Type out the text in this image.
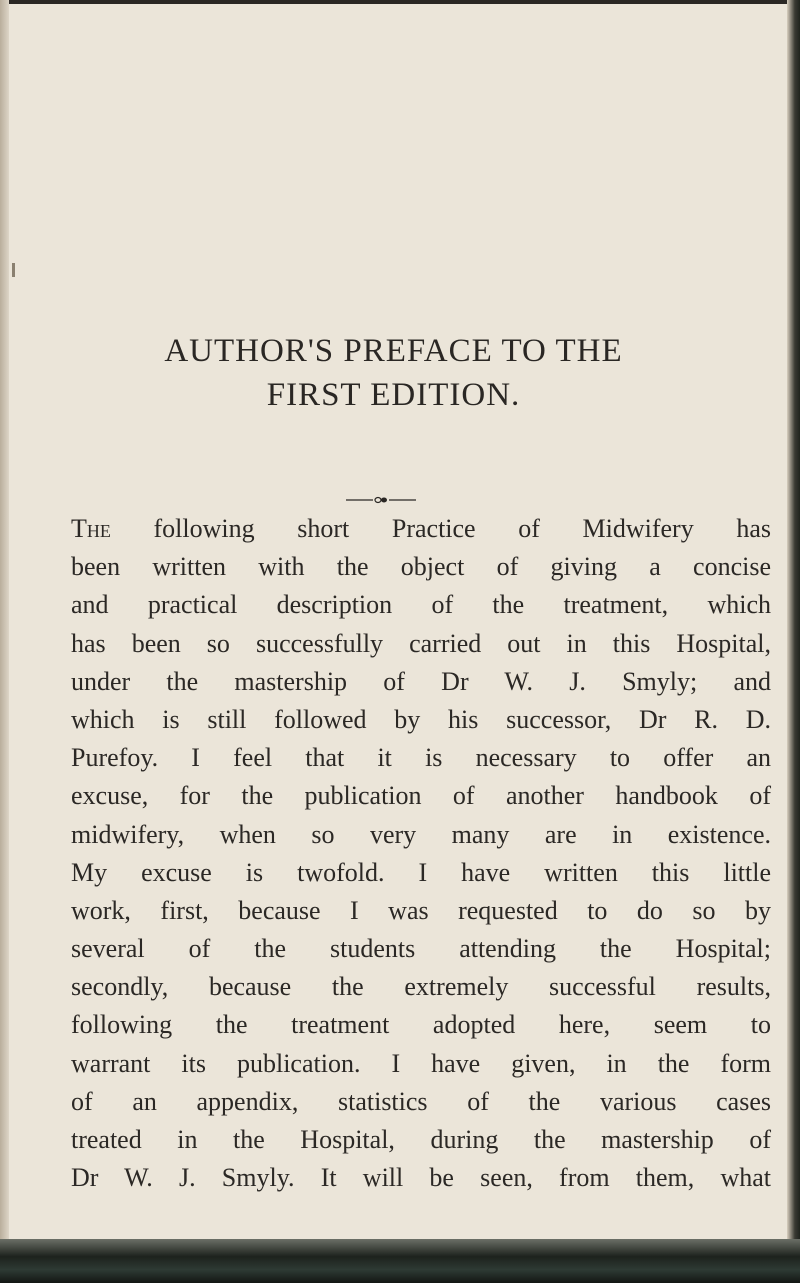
AUTHOR'S PREFACE TO THE
FIRST EDITION.
The following short Practice of Midwifery has
been written with the object of giving a concise
and practical description of the treatment, which
has been so successfully carried out in this Hospital,
under the mastership of Dr W. J. Smyly; and
which is still followed by his successor, Dr R. D.
Purefoy. I feel that it is necessary to offer an
excuse, for the publication of another handbook of
midwifery, when so very many are in existence.
My excuse is twofold. I have written this little
work, first, because I was requested to do so by
several of the students attending the Hospital;
secondly, because the extremely successful results,
following the treatment adopted here, seem to
warrant its publication. I have given, in the form
of an appendix, statistics of the various cases
treated in the Hospital, during the mastership of
Dr W. J. Smyly. It will be seen, from them, what
